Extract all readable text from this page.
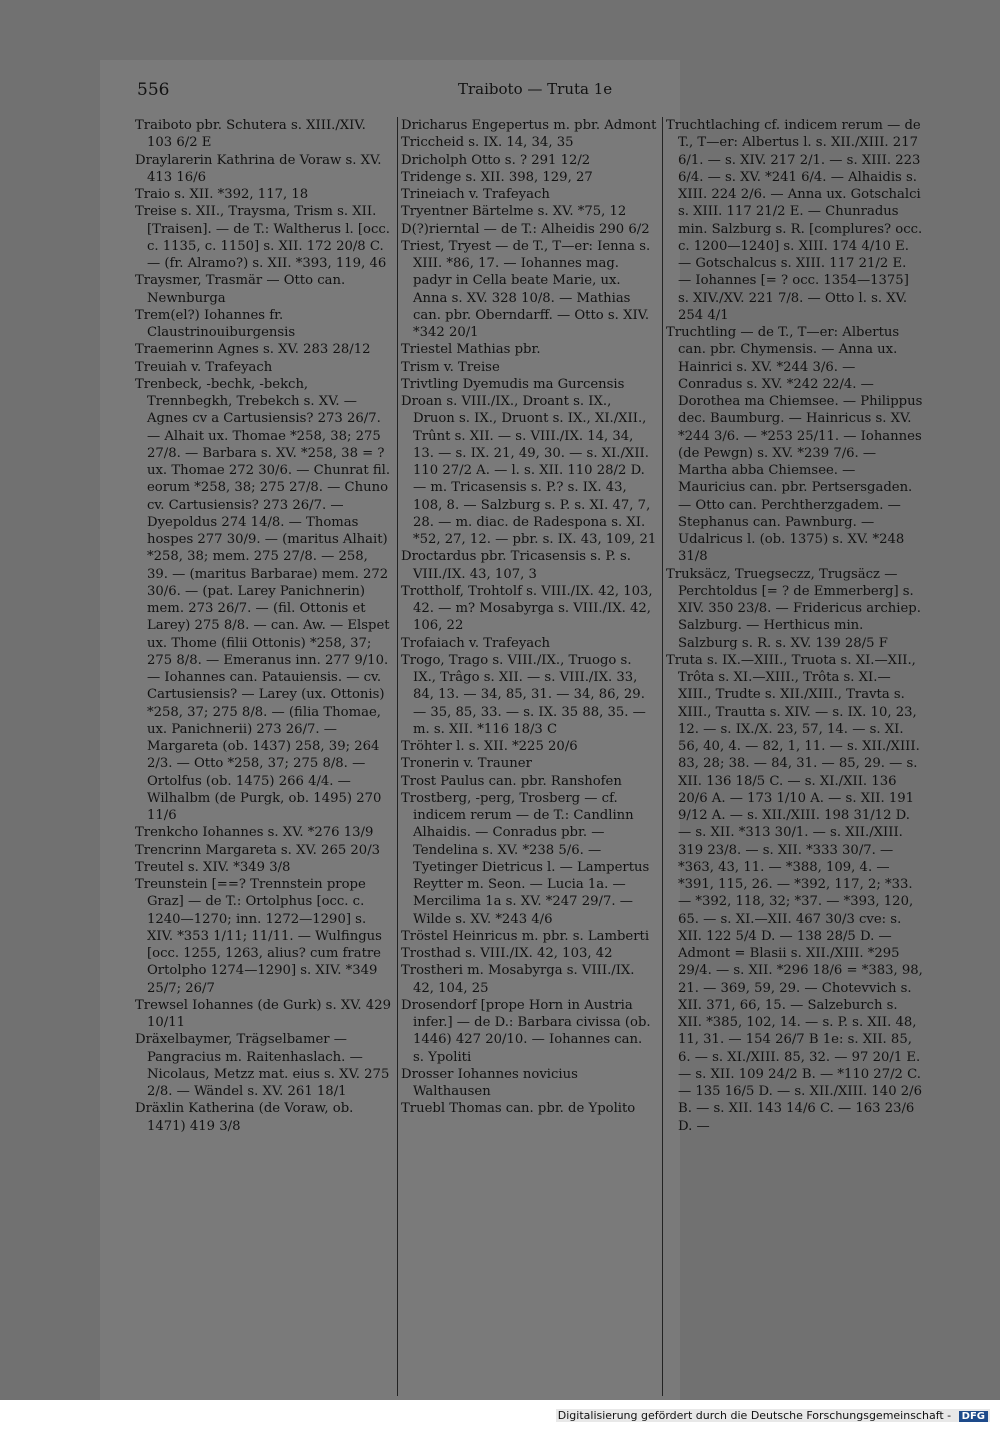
556	Traiboto — Truta 1e

Traiboto pbr. Schutera s. XIII./XIV. 103 6/2 E

Draylarerin Kathrina de Voraw s. XV. 413 16/6

Traio s. XII. *392, 117, 18

Treise s. XII., Traysma, Trism s. XII. [Traisen]. — de T.: Waltherus l. [occ. c. 1135, c. 1150] s. XII. 172 20/8 C. — (fr. Alramo?) s. XII. *393, 119, 46

Traysmer, Trasmär — Otto can. Newnburga

Trem(el?) Iohannes fr. Claustrinouiburgensis

Traemerinn Agnes s. XV. 283 28/12

Treuiah v. Trafeyach

Trenbeck, -bechk, -bekch, Trennbegkh, Trebekch s. XV. — Agnes cv a Cartusiensis? 273 26/7. — Alhait ux. Thomae *258, 38; 275 27/8. — Barbara s. XV. *258, 38 = ? ux. Thomae 272 30/6. — Chunrat fil. eorum *258, 38; 275 27/8. — Chuno cv. Cartusiensis? 273 26/7. — Dyepoldus 274 14/8. — Thomas hospes 277 30/9. — (maritus Alhait) *258, 38; mem. 275 27/8. — 258, 39. — (maritus Barbarae) mem. 272 30/6. — (pat. Larey Panichnerin) mem. 273 26/7. — (fil. Ottonis et Larey) 275 8/8. — can. Aw. — Elspet ux. Thome (filii Ottonis) *258, 37; 275 8/8. — Emeranus inn. 277 9/10. — Iohannes can. Patauiensis. — cv. Cartusiensis? — Larey (ux. Ottonis) *258, 37; 275 8/8. — (filia Thomae, ux. Panichnerii) 273 26/7. — Margareta (ob. 1437) 258, 39; 264 2/3. — Otto *258, 37; 275 8/8. — Ortolfus (ob. 1475) 266 4/4. — Wilhalbm (de Purgk, ob. 1495) 270 11/6

Trenkcho Iohannes s. XV. *276 13/9

Trencrinn Margareta s. XV. 265 20/3

Treutel s. XIV. *349 3/8

Treunstein [==? Trennstein prope Graz] — de T.: Ortolphus [occ. c. 1240—1270; inn. 1272—1290] s. XIV. *353 1/11; 11/11. — Wulfingus [occ. 1255, 1263, alius? cum fratre Ortolpho 1274—1290] s. XIV. *349 25/7; 26/7

Trewsel Iohannes (de Gurk) s. XV. 429 10/11

Dräxelbaymer, Trägselbamer — Pangracius m. Raitenhaslach. — Nicolaus, Metzz mat. eius s. XV. 275 2/8. — Wändel s. XV. 261 18/1

Dräxlin Katherina (de Voraw, ob. 1471) 419 3/8

Dricharus Engepertus m. pbr. Admont

Triccheid s. IX. 14, 34, 35

Dricholph Otto s. ? 291 12/2

Tridenge s. XII. 398, 129, 27

Trineiach v. Trafeyach

Tryentner Bärtelme s. XV. *75, 12

D(?)rierntal — de T.: Alheidis 290 6/2

Triest, Tryest — de T., T—er: Ienna s. XIII. *86, 17. — Iohannes mag. padyr in Cella beate Marie, ux. Anna s. XV. 328 10/8. — Mathias can. pbr. Oberndarff. — Otto s. XIV. *342 20/1

Triestel Mathias pbr.

Trism v. Treise

Trivtling Dyemudis ma Gurcensis

Droan s. VIII./IX., Droant s. IX., Druon s. IX., Druont s. IX., XI./XII., Trûnt s. XII. — s. VIII./IX. 14, 34, 13. — s. IX. 21, 49, 30. — s. XI./XII. 110 27/2 A. — l. s. XII. 110 28/2 D. — m. Tricasensis s. P.? s. IX. 43, 108, 8. — Salzburg s. P. s. XI. 47, 7, 28. — m. diac. de Radespona s. XI. *52, 27, 12. — pbr. s. IX. 43, 109, 21

Droctardus pbr. Tricasensis s. P. s. VIII./IX. 43, 107, 3

Trottholf, Trohtolf s. VIII./IX. 42, 103, 42. — m? Mosabyrga s. VIII./IX. 42, 106, 22

Trofaiach v. Trafeyach

Trogo, Trago s. VIII./IX., Truogo s. IX., Trâgo s. XII. — s. VIII./IX. 33, 84, 13. — 34, 85, 31. — 34, 86, 29. — 35, 85, 33. — s. IX. 35 88, 35. — m. s. XII. *116 18/3 C

Tröhter l. s. XII. *225 20/6

Tronerin v. Trauner

Trost Paulus can. pbr. Ranshofen

Trostberg, -perg, Trosberg — cf. indicem rerum — de T.: Candlinn Alhaidis. — Conradus pbr. — Tendelina s. XV. *238 5/6. — Tyetinger Dietricus l. — Lampertus Reytter m. Seon. — Lucia 1a. — Mercilima 1a s. XV. *247 29/7. — Wilde s. XV. *243 4/6

Tröstel Heinricus m. pbr. s. Lamberti

Trosthad s. VIII./IX. 42, 103, 42

Trostheri m. Mosabyrga s. VIII./IX. 42, 104, 25

Drosendorf [prope Horn in Austria infer.] — de D.: Barbara civissa (ob. 1446) 427 20/10. — Iohannes can. s. Ypoliti

Drosser Iohannes novicius Walthausen

Truebl Thomas can. pbr. de Ypolito

Truchtlaching cf. indicem rerum — de T., T—er: Albertus l. s. XII./XIII. 217 6/1. — s. XIV. 217 2/1. — s. XIII. 223 6/4. — s. XV. *241 6/4. — Alhaidis s. XIII. 224 2/6. — Anna ux. Gotschalci s. XIII. 117 21/2 E. — Chunradus min. Salzburg s. R. [complures? occ. c. 1200—1240] s. XIII. 174 4/10 E. — Gotschalcus s. XIII. 117 21/2 E. — Iohannes [= ? occ. 1354—1375] s. XIV./XV. 221 7/8. — Otto l. s. XV. 254 4/1

Truchtling — de T., T—er: Albertus can. pbr. Chymensis. — Anna ux. Hainrici s. XV. *244 3/6. — Conradus s. XV. *242 22/4. — Dorothea ma Chiemsee. — Philippus dec. Baumburg. — Hainricus s. XV. *244 3/6. — *253 25/11. — Iohannes (de Pewgn) s. XV. *239 7/6. — Martha abba Chiemsee. — Mauricius can. pbr. Pertsersgaden. — Otto can. Perchtherzgadem. — Stephanus can. Pawnburg. — Udalricus l. (ob. 1375) s. XV. *248 31/8

Truksäcz, Truegseczz, Trugsäcz — Perchtoldus [= ? de Emmerberg] s. XIV. 350 23/8. — Fridericus archiep. Salzburg. — Herthicus min. Salzburg s. R. s. XV. 139 28/5 F

Truta s. IX.—XIII., Truota s. XI.—XII., Trôta s. XI.—XIII., Trôta s. XI.—XIII., Trudte s. XII./XIII., Travta s. XIII., Trautta s. XIV. — s. IX. 10, 23, 12. — s. IX./X. 23, 57, 14. — s. XI. 56, 40, 4. — 82, 1, 11. — s. XII./XIII. 83, 28; 38. — 84, 31. — 85, 29. — s. XII. 136 18/5 C. — s. XI./XII. 136 20/6 A. — 173 1/10 A. — s. XII. 191 9/12 A. — s. XII./XIII. 198 31/12 D. — s. XII. *313 30/1. — s. XII./XIII. 319 23/8. — s. XII. *333 30/7. — *363, 43, 11. — *388, 109, 4. — *391, 115, 26. — *392, 117, 2; *33. — *392, 118, 32; *37. — *393, 120, 65. — s. XI.—XII. 467 30/3 cve: s. XII. 122 5/4 D. — 138 28/5 D. — Admont = Blasii s. XII./XIII. *295 29/4. — s. XII. *296 18/6 = *383, 98, 21. — 369, 59, 29. — Chotevvich s. XII. 371, 66, 15. — Salzeburch s. XII. *385, 102, 14. — s. P. s. XII. 48, 11, 31. — 154 26/7 B 1e: s. XII. 85, 6. — s. XI./XIII. 85, 32. — 97 20/1 E. — s. XII. 109 24/2 B. — *110 27/2 C. — 135 16/5 D. — s. XII./XIII. 140 2/6 B. — s. XII. 143 14/6 C. — 163 23/6 D. —

Digitalisierung gefördert durch die Deutsche Forschungsgemeinschaft - DFG
